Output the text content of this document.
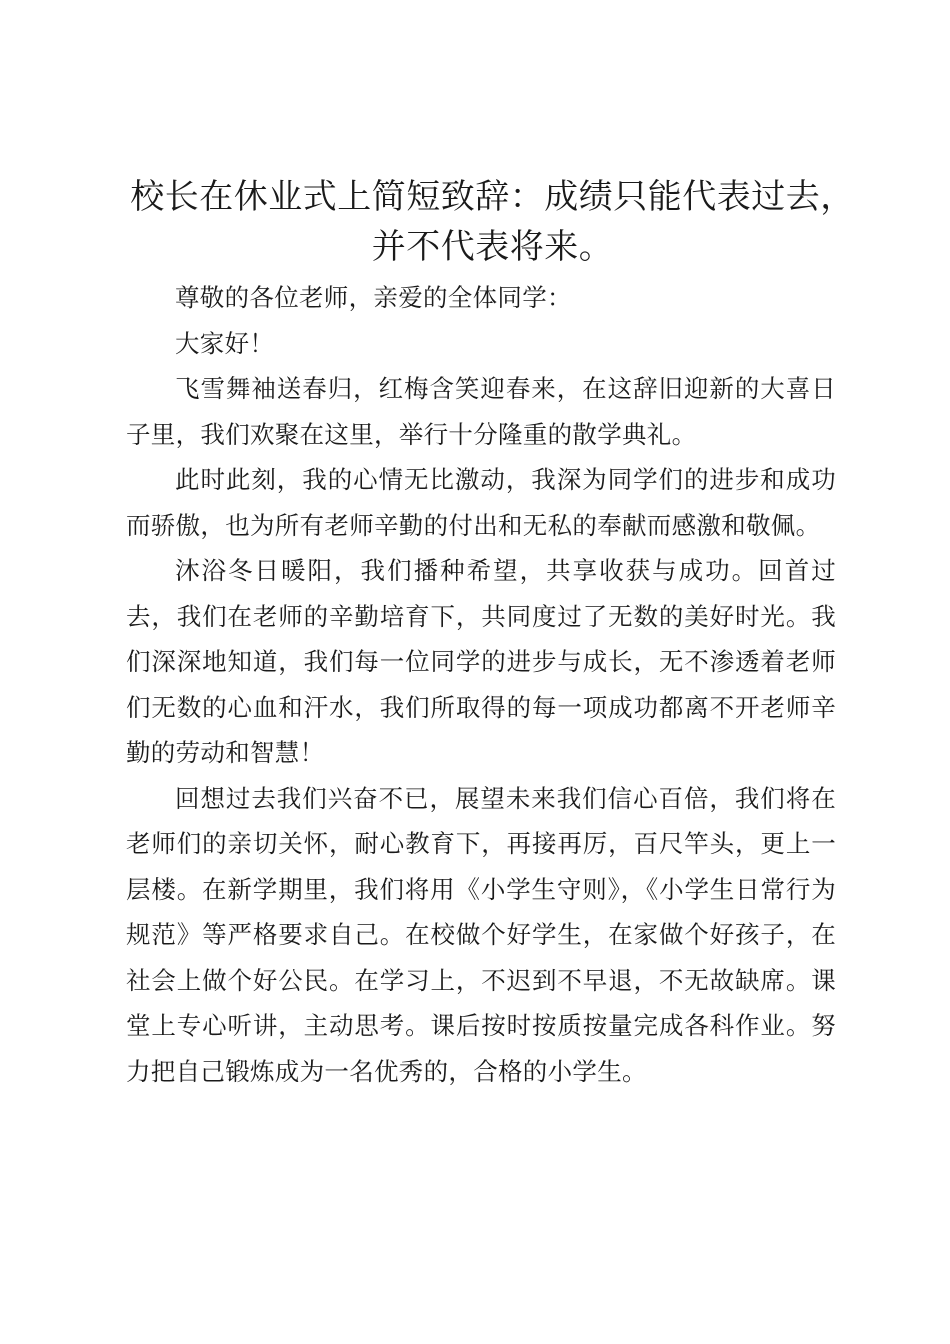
校长在休业式上简短致辞：成绩只能代表过去，并不代表将来。

尊敬的各位老师，亲爱的全体同学：

大家好！

飞雪舞袖送春归，红梅含笑迎春来，在这辞旧迎新的大喜日子里，我们欢聚在这里，举行十分隆重的散学典礼。

此时此刻，我的心情无比激动，我深为同学们的进步和成功而骄傲，也为所有老师辛勤的付出和无私的奉献而感激和敬佩。

沐浴冬日暖阳，我们播种希望，共享收获与成功。回首过去，我们在老师的辛勤培育下，共同度过了无数的美好时光。我们深深地知道，我们每一位同学的进步与成长，无不渗透着老师们无数的心血和汗水，我们所取得的每一项成功都离不开老师辛勤的劳动和智慧！

回想过去我们兴奋不已，展望未来我们信心百倍，我们将在老师们的亲切关怀，耐心教育下，再接再厉，百尺竿头，更上一层楼。在新学期里，我们将用《小学生守则》，《小学生日常行为规范》等严格要求自己。在校做个好学生，在家做个好孩子，在社会上做个好公民。在学习上，不迟到不早退，不无故缺席。课堂上专心听讲，主动思考。课后按时按质按量完成各科作业。努力把自己锻炼成为一名优秀的，合格的小学生。
